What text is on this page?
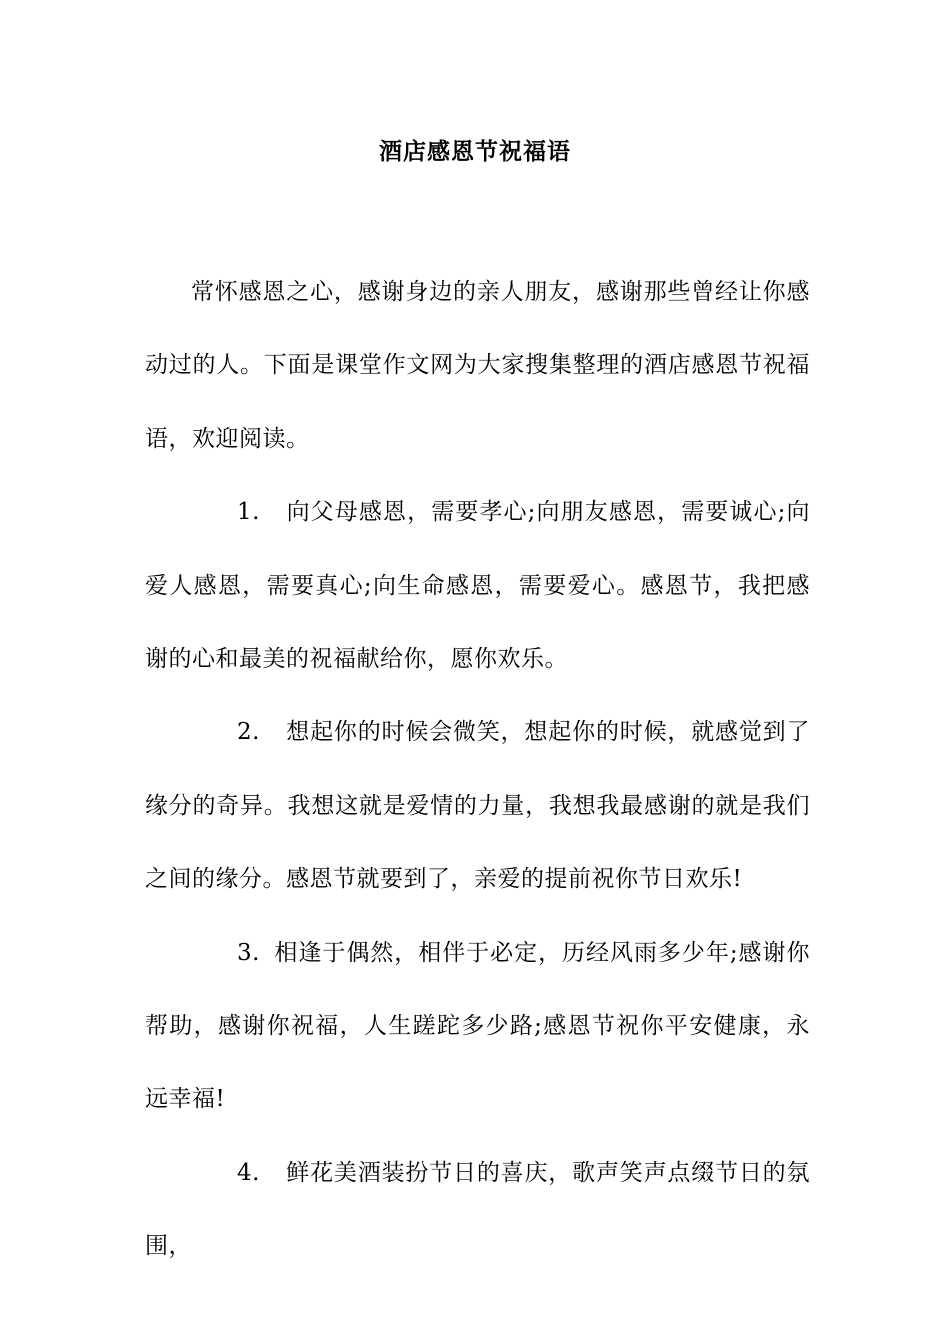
酒店感恩节祝福语

常怀感恩之心，感谢身边的亲人朋友，感谢那些曾经让你感动过的人。下面是课堂作文网为大家搜集整理的酒店感恩节祝福语，欢迎阅读。

1. 向父母感恩，需要孝心;向朋友感恩，需要诚心;向爱人感恩，需要真心;向生命感恩，需要爱心。感恩节，我把感谢的心和最美的祝福献给你，愿你欢乐。

2. 想起你的时候会微笑，想起你的时候，就感觉到了缘分的奇异。我想这就是爱情的力量，我想我最感谢的就是我们之间的缘分。感恩节就要到了，亲爱的提前祝你节日欢乐!

3. 相逢于偶然，相伴于必定，历经风雨多少年;感谢你帮助，感谢你祝福，人生蹉跎多少路;感恩节祝你平安健康，永远幸福!

4. 鲜花美酒装扮节日的喜庆，歌声笑声点缀节日的氛围，
